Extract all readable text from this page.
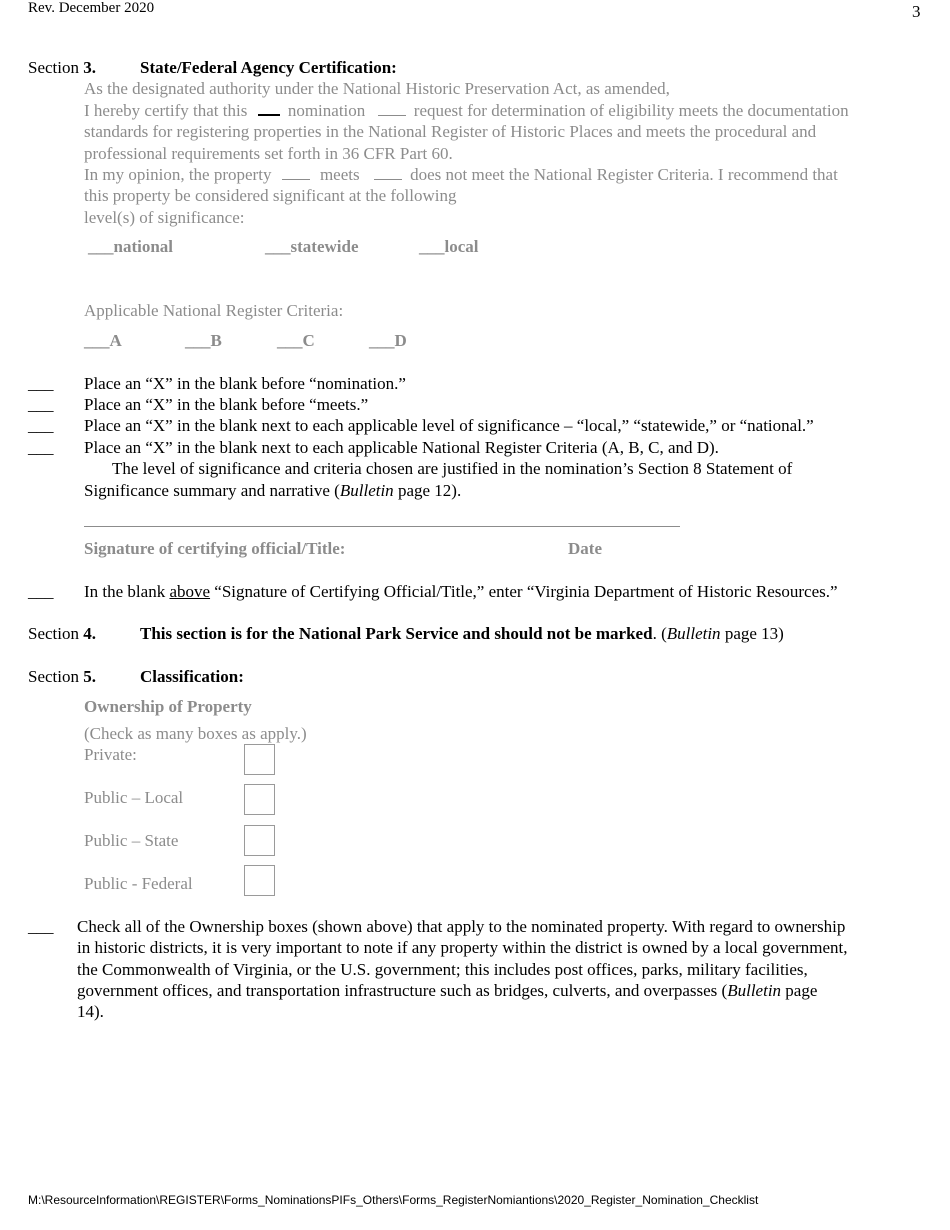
Rev. December 2020	3
Section 3.	State/Federal Agency Certification:
As the designated authority under the National Historic Preservation Act, as amended,
I hereby certify that this nomination	request for determination of eligibility meets the documentation
standards for registering properties in the National Register of Historic Places and meets the procedural and
professional requirements set forth in 36 CFR Part 60.
In my opinion, the property	meets	does not meet the National Register Criteria. I recommend that
this property be considered significant at the following
level(s) of significance:
___national	___statewide	___local
Applicable National Register Criteria:
___A	___B	___C	___D
___ Place an “X” in the blank before “nomination.”
___ Place an “X” in the blank before “meets.”
___ Place an “X” in the blank next to each applicable level of significance – “local,” “statewide,” or “national.”
___ Place an “X” in the blank next to each applicable National Register Criteria (A, B, C, and D).
The level of significance and criteria chosen are justified in the nomination’s Section 8 Statement of
Significance summary and narrative (Bulletin page 12).
Signature of certifying official/Title:	Date
___ In the blank above “Signature of Certifying Official/Title,” enter “Virginia Department of Historic Resources.”
Section 4.	This section is for the National Park Service and should not be marked. (Bulletin page 13)
Section 5.	Classification:
Ownership of Property
(Check as many boxes as apply.)
Private:
Public – Local
Public – State
Public - Federal
___ Check all of the Ownership boxes (shown above) that apply to the nominated property. With regard to ownership
in historic districts, it is very important to note if any property within the district is owned by a local government,
the Commonwealth of Virginia, or the U.S. government; this includes post offices, parks, military facilities,
government offices, and transportation infrastructure such as bridges, culverts, and overpasses (Bulletin page
14).
M:\ResourceInformation\REGISTER\Forms_NominationsPIFs_Others\Forms_RegisterNomiantions\2020_Register_Nomination_Checklist
